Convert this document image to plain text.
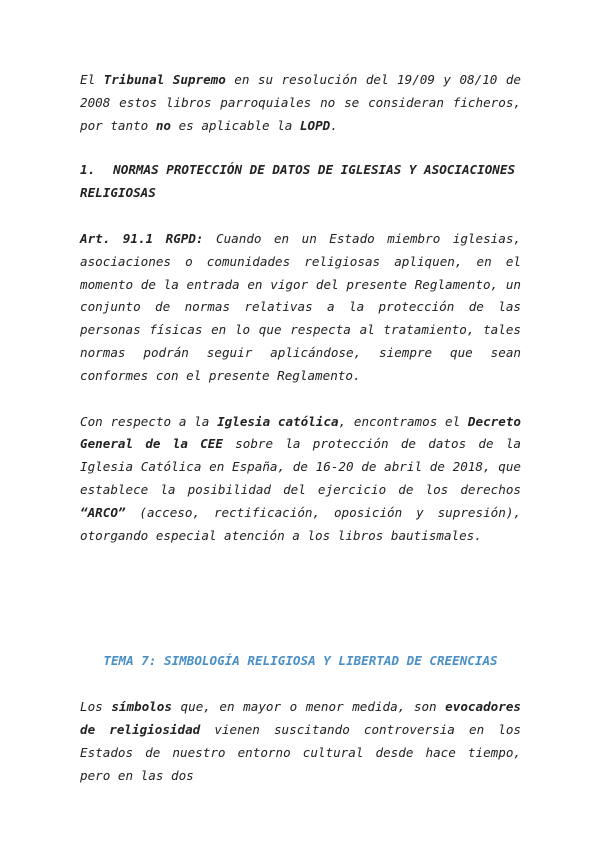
El Tribunal Supremo en su resolución del 19/09 y 08/10 de 2008 estos libros parroquiales no se consideran ficheros, por tanto no es aplicable la LOPD.

1. NORMAS PROTECCIÓN DE DATOS DE IGLESIAS Y ASOCIACIONES RELIGIOSAS

Art. 91.1 RGPD: Cuando en un Estado miembro iglesias, asociaciones o comunidades religiosas apliquen, en el momento de la entrada en vigor del presente Reglamento, un conjunto de normas relativas a la protección de las personas físicas en lo que respecta al tratamiento, tales normas podrán seguir aplicándose, siempre que sean conformes con el presente Reglamento.

Con respecto a la Iglesia católica, encontramos el Decreto General de la CEE sobre la protección de datos de la Iglesia Católica en España, de 16-20 de abril de 2018, que establece la posibilidad del ejercicio de los derechos “ARCO” (acceso, rectificación, oposición y supresión), otorgando especial atención a los libros bautismales.

TEMA 7: SIMBOLOGÍA RELIGIOSA Y LIBERTAD DE CREENCIAS

Los símbolos que, en mayor o menor medida, son evocadores de religiosidad vienen suscitando controversia en los Estados de nuestro entorno cultural desde hace tiempo, pero en las dos
